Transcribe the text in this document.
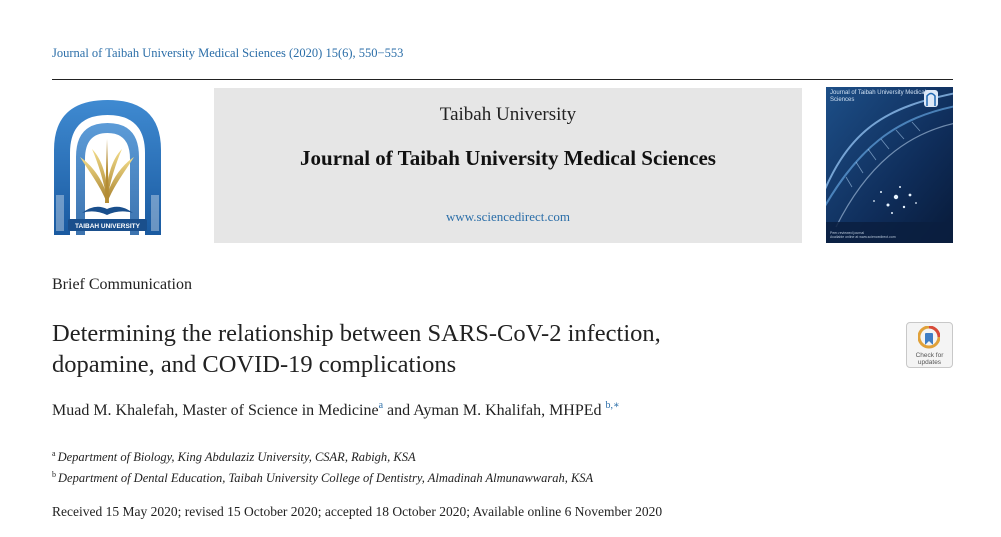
Journal of Taibah University Medical Sciences (2020) 15(6), 550−553
TAIBAH UNIVERSITY
Taibah University
Journal of Taibah University Medical Sciences
www.sciencedirect.com
Journal of Taibah University Medical Sciences
Peer-reviewed journal
Available online at www.sciencedirect.com
Brief Communication
Determining the relationship between SARS-CoV-2 infection,
dopamine, and COVID-19 complications	Check for
updates
Muad M. Khalefah, Master of Science in Medicine$^a$ and Ayman M. Khalifah, MHPEd $^{b,∗}$
$^a$ Department of Biology, King Abdulaziz University, CSAR, Rabigh, KSA
$^b$ Department of Dental Education, Taibah University College of Dentistry, Almadinah Almunawwarah, KSA
Received 15 May 2020; revised 15 October 2020; accepted 18 October 2020; Available online 6 November 2020
